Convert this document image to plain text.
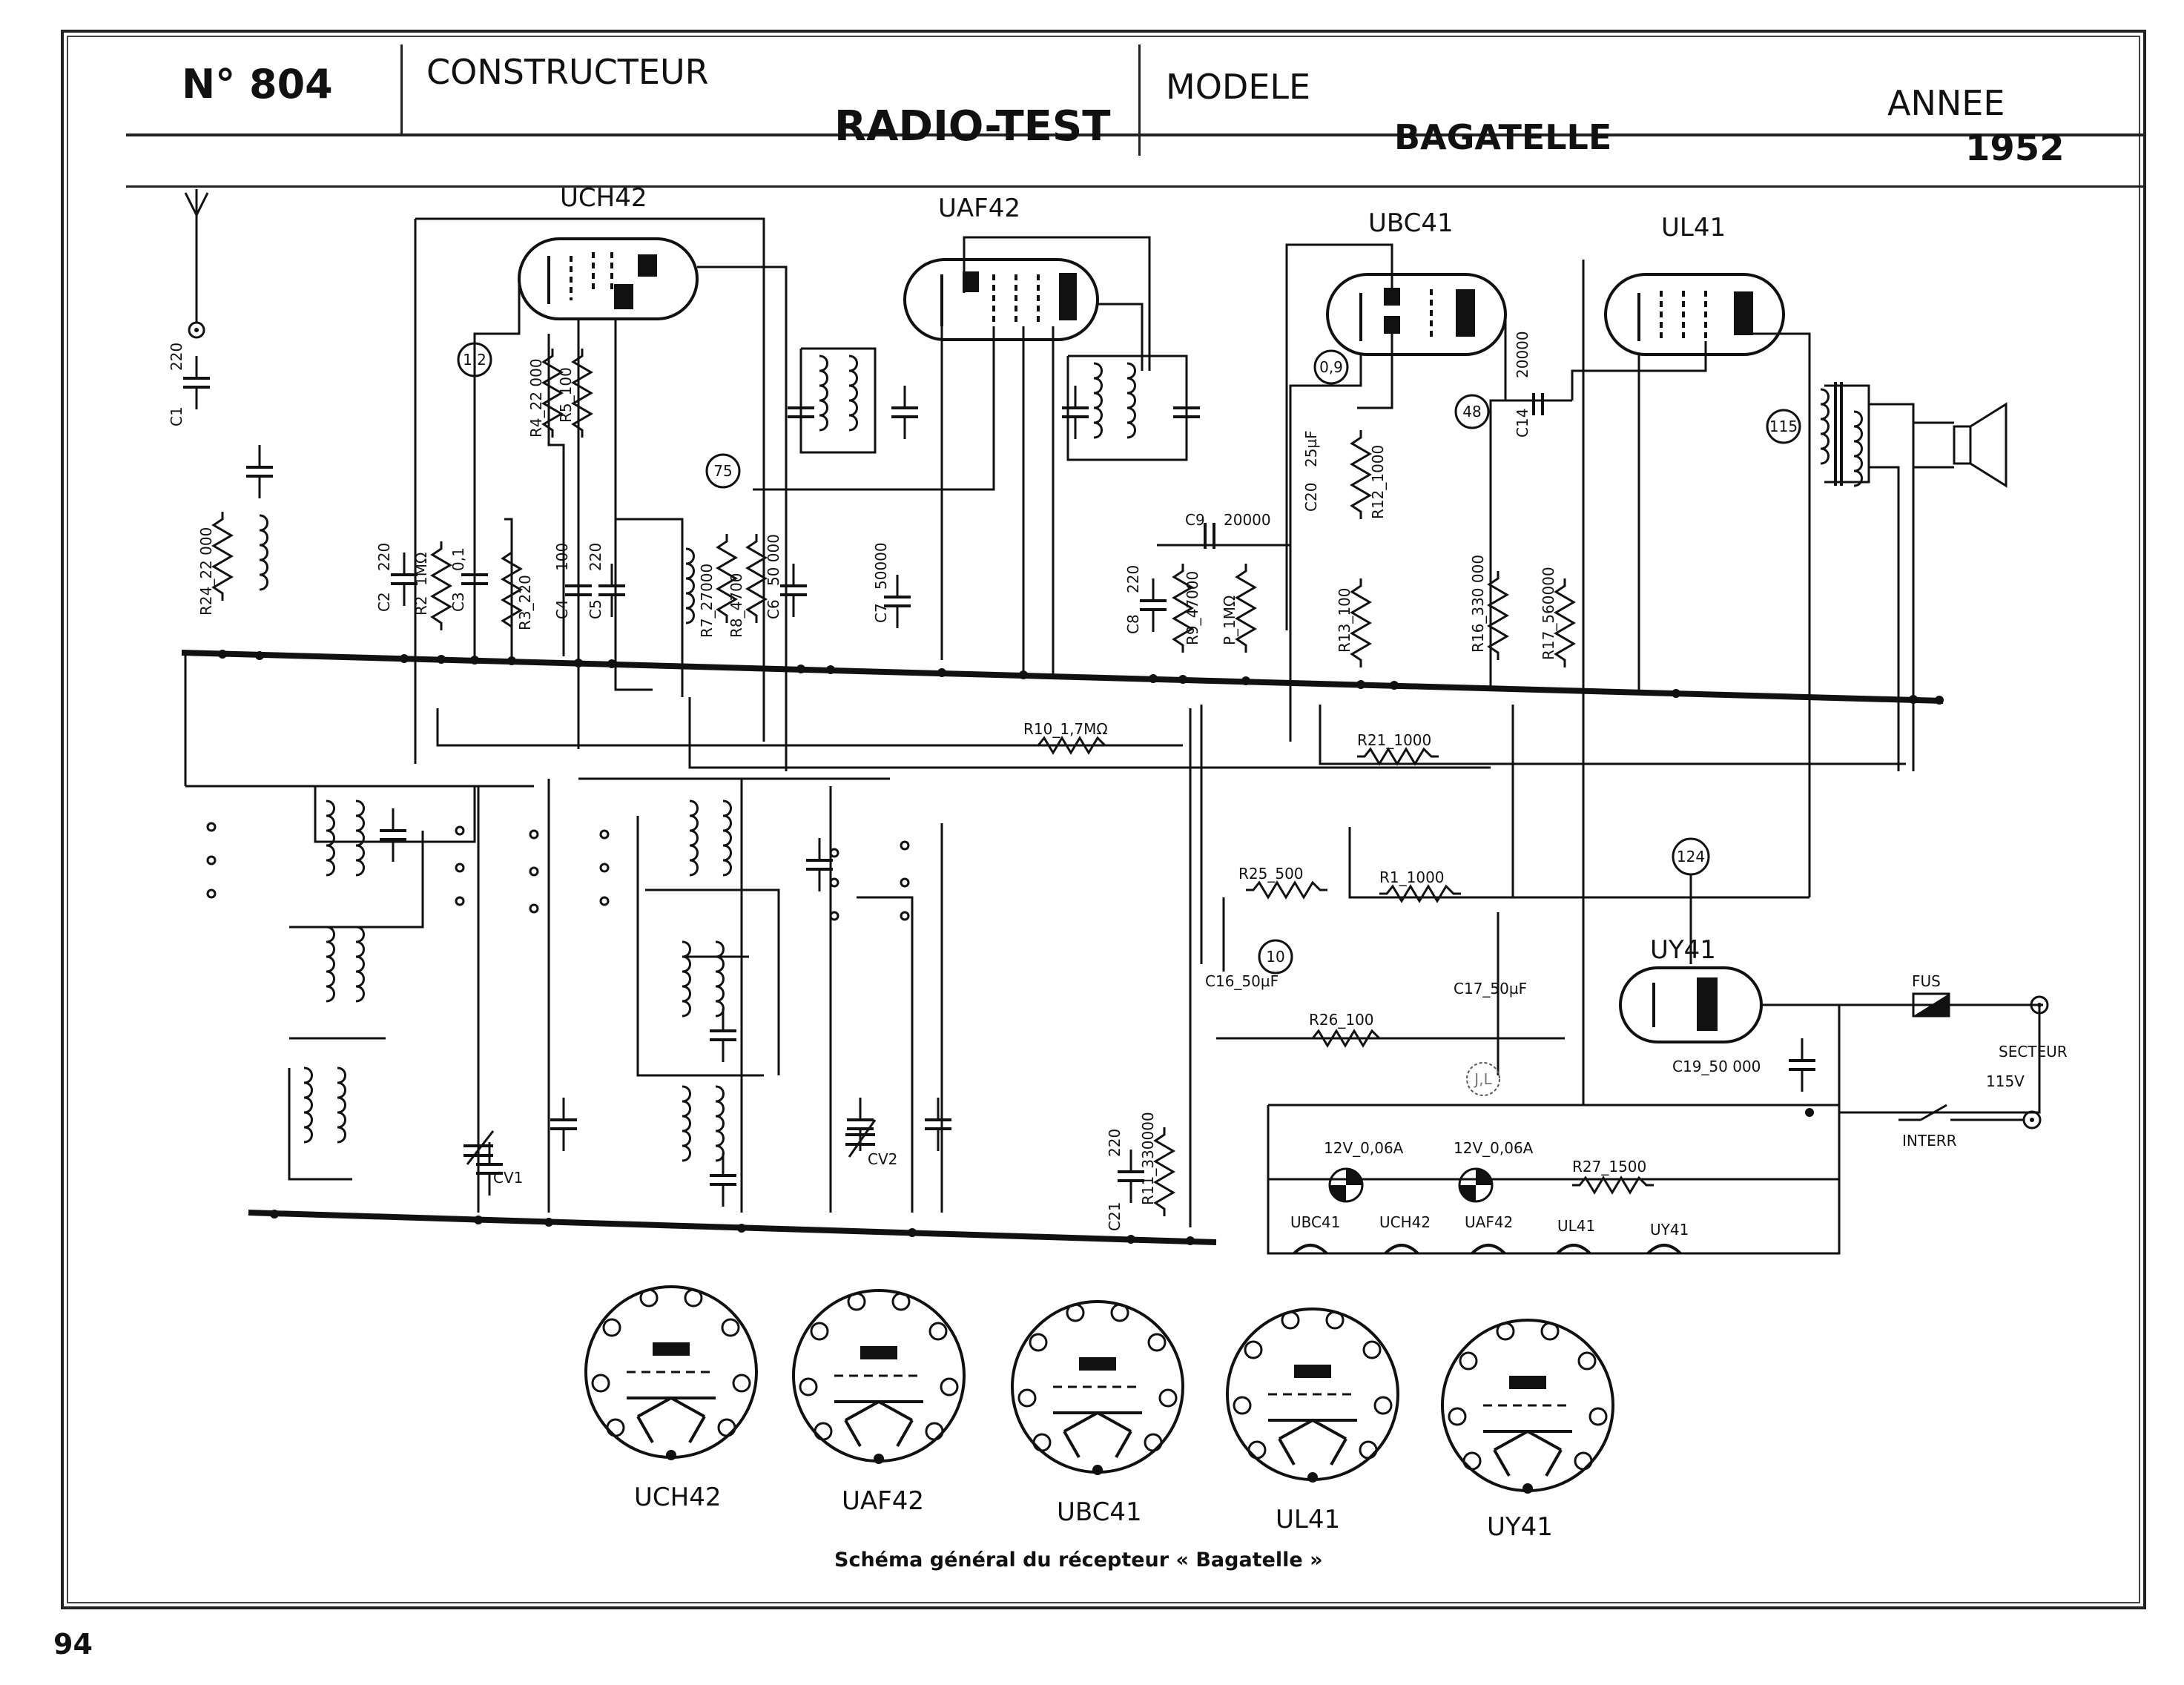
N° 804	CONSTRUCTEUR
RADIO-TEST
MODELE
BAGATELLE
ANNEE
1952
1,2
75
0,9
48
115
124
10
J,L
UCH42	UAF42	UBC41	UL41
UY41
C1
220
R24_22 000	C2
220
R2
1MΩ
C3
0,1
R3_220
R4_22 000 R5_100
C4
100
C5
220
R7_27000 R8_4700 C6
50 000
C7
50000
C8
220	R9_47000 P_1MΩ
C20
25µF	R12_1000
R13_100
C14
20000
R16_330 000	R17_560000
C21
220 R11_330000
C9 20000
R10_1,7MΩ
R21_1000
R25_500	R1_1000
C16_50µF	C17_50µF
R26_100
C19_50 000
R27_1500
CV1
CV2
12V_0,06A	12V_0,06A
FUS
SECTEUR
115V
INTERR
UBC41	UCH42 UAF42	UL41	UY41
UCH42	UAF42	UBC41	UL41	UY41
Schéma général du récepteur « Bagatelle »
94
